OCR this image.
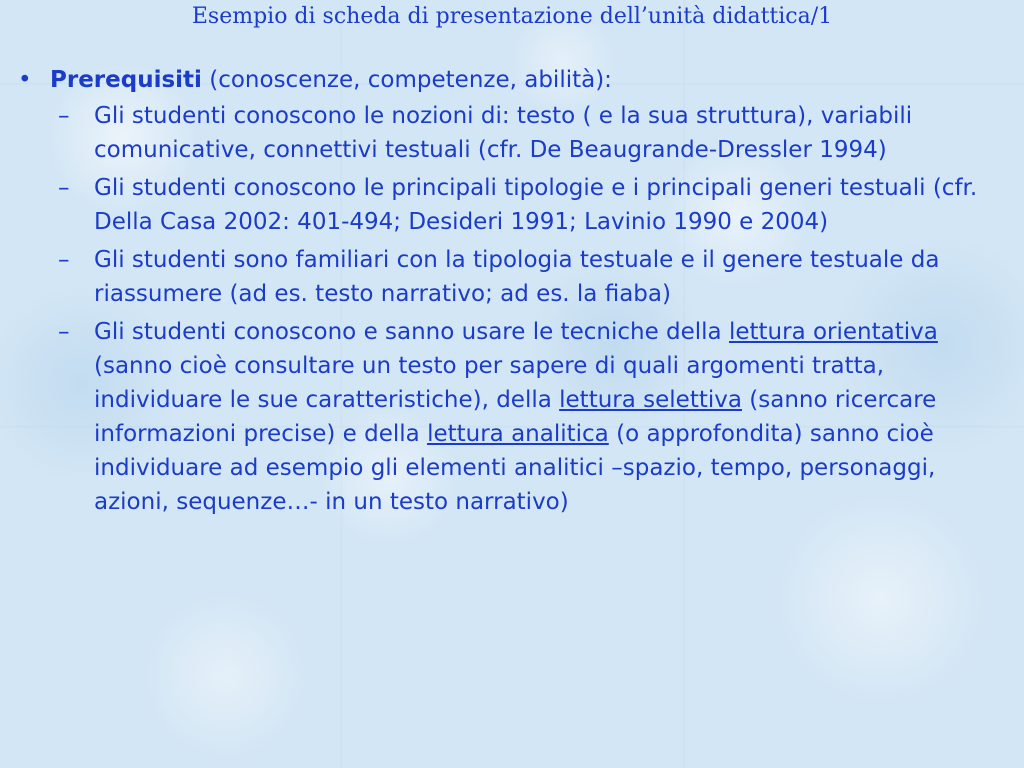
Esempio di scheda di presentazione dell’unità didattica/1
• Prerequisiti (conoscenze, competenze, abilità):
–	Gli studenti conoscono le nozioni di: testo ( e la sua struttura), variabili comunicative, connettivi testuali (cfr. De Beaugrande-Dressler 1994)
–	Gli studenti conoscono le principali tipologie e i principali generi testuali (cfr. Della Casa 2002: 401-494; Desideri 1991; Lavinio 1990 e 2004)
–	Gli studenti sono familiari con la tipologia testuale e il genere testuale da riassumere (ad es. testo narrativo; ad es. la fiaba)
–	Gli studenti conoscono e sanno usare le tecniche della lettura orientativa (sanno cioè consultare un testo per sapere di quali argomenti tratta, individuare le sue caratteristiche), della lettura selettiva (sanno ricercare informazioni precise) e della lettura analitica (o approfondita) sanno cioè individuare ad esempio gli elementi analitici –spazio, tempo, personaggi, azioni, sequenze…- in un testo narrativo)
